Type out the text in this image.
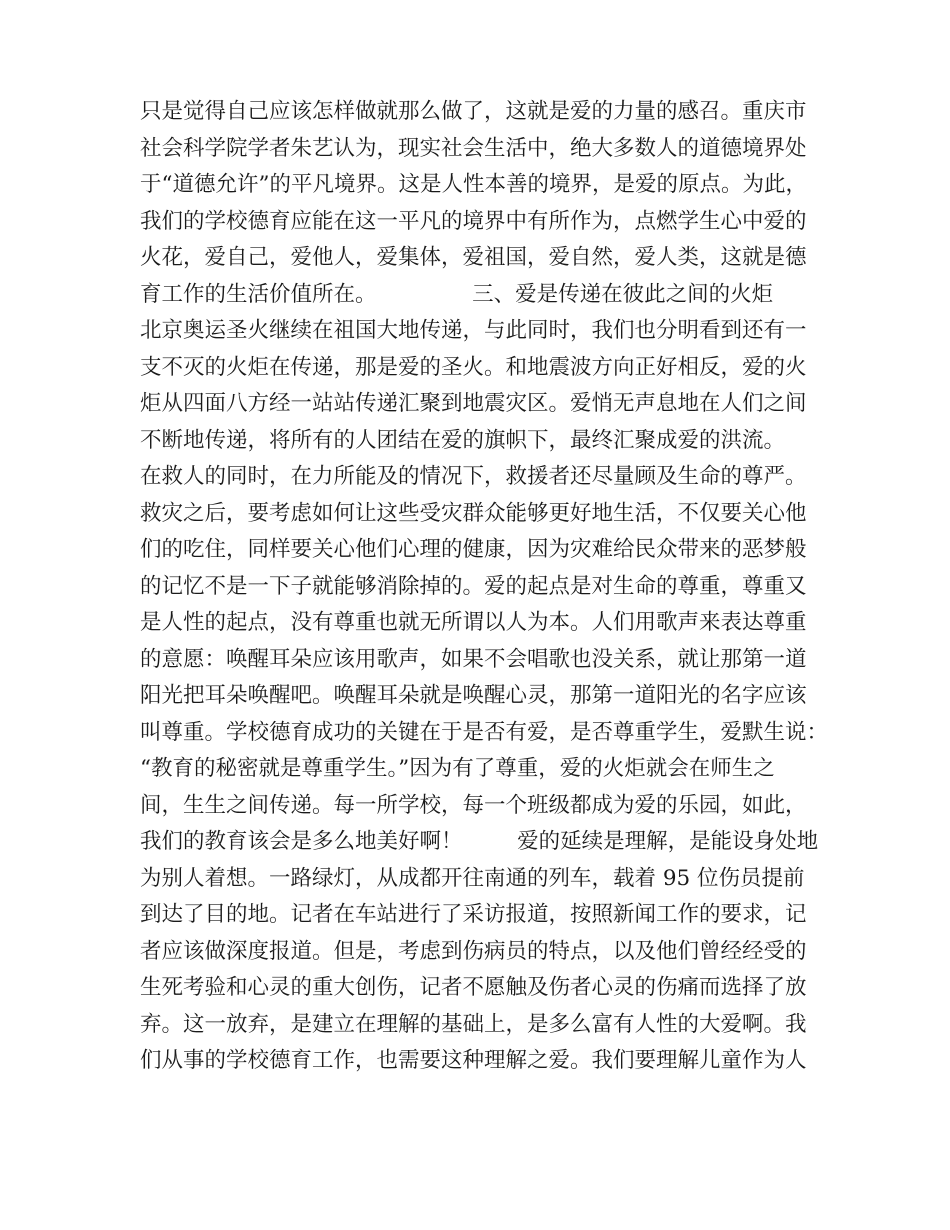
只是觉得自己应该怎样做就那么做了，这就是爱的力量的感召。重庆市
社会科学院学者朱艺认为，现实社会生活中，绝大多数人的道德境界处
于“道德允许”的平凡境界。这是人性本善的境界，是爱的原点。为此，
我们的学校德育应能在这一平凡的境界中有所作为，点燃学生心中爱的
火花，爱自己，爱他人，爱集体，爱祖国，爱自然，爱人类，这就是德
育工作的生活价值所在。              三、爱是传递在彼此之间的火炬
北京奥运圣火继续在祖国大地传递，与此同时，我们也分明看到还有一
支不灭的火炬在传递，那是爱的圣火。和地震波方向正好相反，爱的火
炬从四面八方经一站站传递汇聚到地震灾区。爱悄无声息地在人们之间
不断地传递，将所有的人团结在爱的旗帜下，最终汇聚成爱的洪流。
在救人的同时，在力所能及的情况下，救援者还尽量顾及生命的尊严。
救灾之后，要考虑如何让这些受灾群众能够更好地生活，不仅要关心他
们的吃住，同样要关心他们心理的健康，因为灾难给民众带来的恶梦般
的记忆不是一下子就能够消除掉的。爱的起点是对生命的尊重，尊重又
是人性的起点，没有尊重也就无所谓以人为本。人们用歌声来表达尊重
的意愿：唤醒耳朵应该用歌声，如果不会唱歌也没关系，就让那第一道
阳光把耳朵唤醒吧。唤醒耳朵就是唤醒心灵，那第一道阳光的名字应该
叫尊重。学校德育成功的关键在于是否有爱，是否尊重学生，爱默生说：
“教育的秘密就是尊重学生。”因为有了尊重，爱的火炬就会在师生之
间，生生之间传递。每一所学校，每一个班级都成为爱的乐园，如此，
我们的教育该会是多么地美好啊！        爱的延续是理解，是能设身处地
为别人着想。一路绿灯，从成都开往南通的列车，载着 95 位伤员提前
到达了目的地。记者在车站进行了采访报道，按照新闻工作的要求，记
者应该做深度报道。但是，考虑到伤病员的特点，以及他们曾经经受的
生死考验和心灵的重大创伤，记者不愿触及伤者心灵的伤痛而选择了放
弃。这一放弃，是建立在理解的基础上，是多么富有人性的大爱啊。我
们从事的学校德育工作，也需要这种理解之爱。我们要理解儿童作为人
